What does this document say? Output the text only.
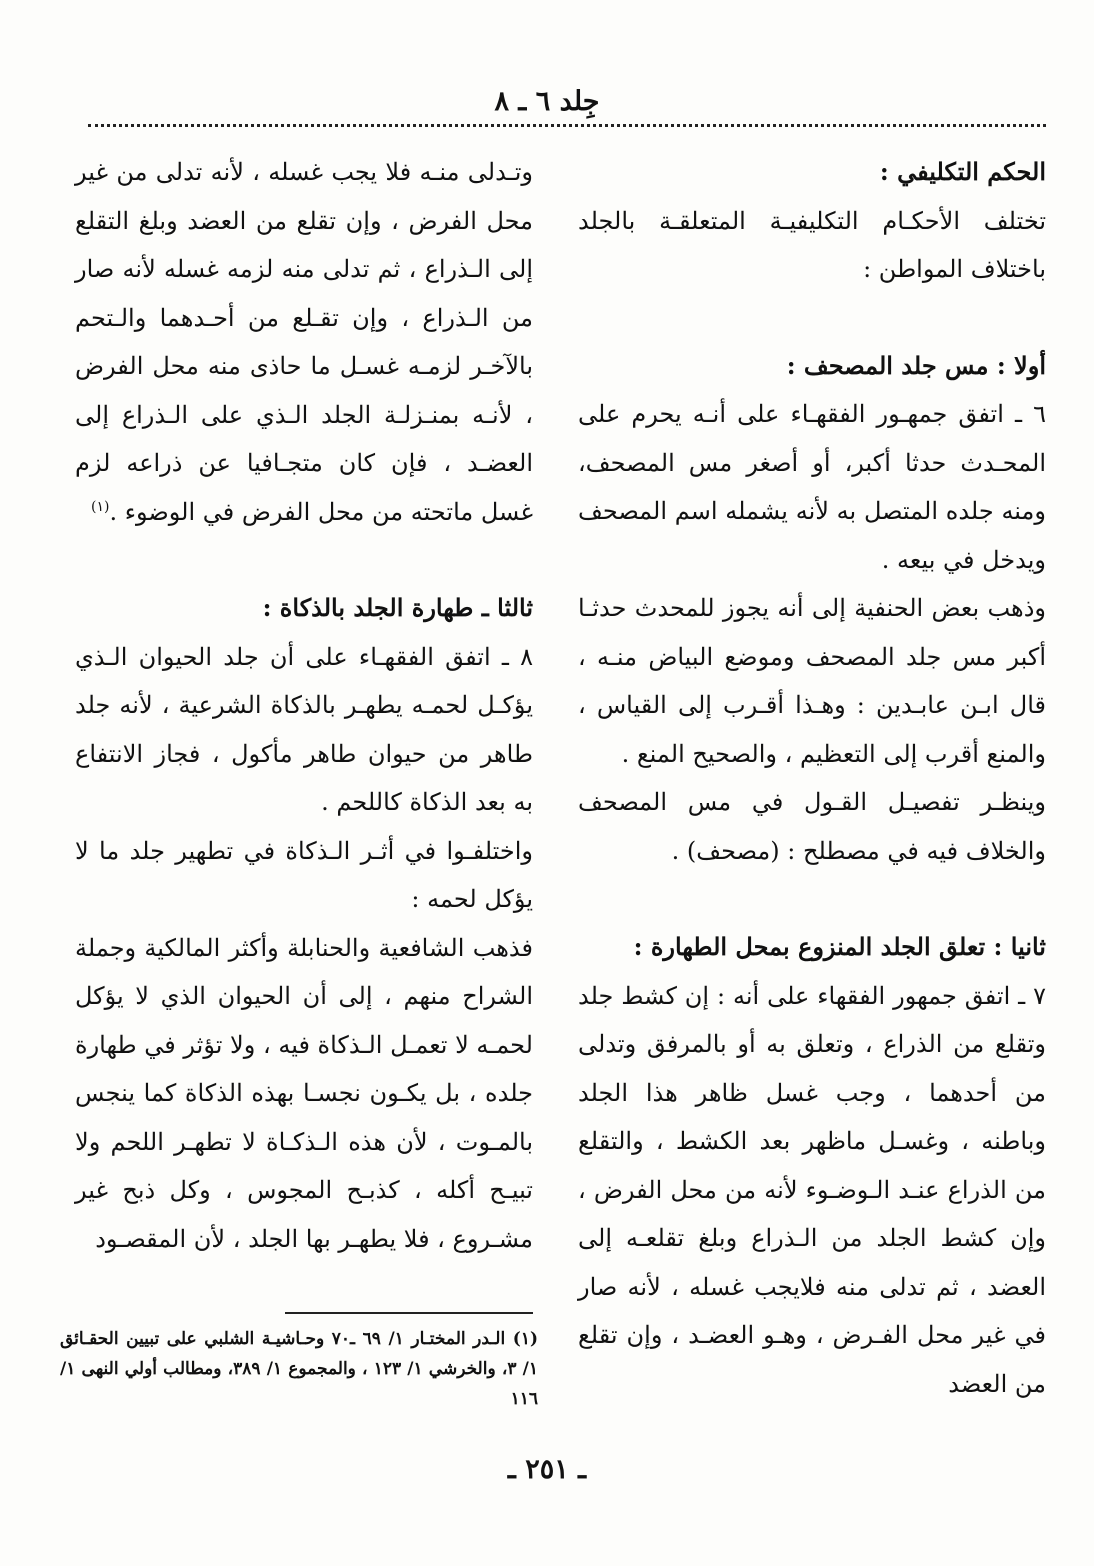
جِلد ٦ ـ ٨

الحكم التكليفي :

تختلف الأحكـام التكليفيـة المتعلقـة بالجلد باختلاف المواطن :

أولا : مس جلد المصحف :

٦ ـ اتفق جمهـور الفقهـاء على أنـه يحرم على المحـدث حدثا أكبر، أو أصغر مس المصحف، ومنه جلده المتصل به لأنه يشمله اسم المصحف ويدخل في بيعه .

وذهب بعض الحنفية إلى أنه يجوز للمحدث حدثـا أكبر مس جلد المصحف وموضع البياض منـه ، قال ابـن عابـدين : وهـذا أقـرب إلى القياس ، والمنع أقرب إلى التعظيم ، والصحيح المنع .

وينظـر تفصيـل القـول في مس المصحف والخلاف فيه في مصطلح : (مصحف) .

ثانيا : تعلق الجلد المنزوع بمحل الطهارة :

٧ ـ اتفق جمهور الفقهاء على أنه : إن كشط جلد وتقلع من الذراع ، وتعلق به أو بالمرفق وتدلى من أحدهما ، وجب غسل ظاهر هذا الجلد وباطنه ، وغسـل ماظهر بعد الكشط ، والتقلع من الذراع عنـد الـوضـوء لأنه من محل الفرض ، وإن كشط الجلد من الـذراع وبلغ تقلعـه إلى العضد ، ثم تدلى منه فلايجب غسله ، لأنه صار في غير محل الفـرض ، وهـو العضـد ، وإن تقلع من العضد

وتـدلى منـه فلا يجب غسله ، لأنه تدلى من غير محل الفرض ، وإن تقلع من العضد وبلغ التقلع إلى الـذراع ، ثم تدلى منه لزمه غسله لأنه صار من الـذراع ، وإن تقـلع من أحـدهما والـتحم بالآخـر لزمـه غسـل ما حاذى منه محل الفرض ، لأنـه بمنـزلـة الجلد الـذي على الـذراع إلى العضـد ، فإن كان متجـافيا عن ذراعه لزم غسل ماتحته من محل الفرض في الوضوء .$^{(١)}$

ثالثا ـ طهارة الجلد بالذكاة :

٨ ـ اتفق الفقهـاء على أن جلد الحيوان الـذي يؤكـل لحمـه يطهـر بالذكاة الشرعية ، لأنه جلد طاهر من حيوان طاهر مأكول ، فجاز الانتفاع به بعد الذكاة كاللحم .

واختلفـوا في أثـر الـذكاة في تطهير جلد ما لا يؤكل لحمه :

فذهب الشافعية والحنابلة وأكثر المالكية وجملة الشراح منهم ، إلى أن الحيوان الذي لا يؤكل لحمـه لا تعمـل الـذكاة فيه ، ولا تؤثر في طهارة جلده ، بل يكـون نجسـا بهذه الذكاة كما ينجس بالمـوت ، لأن هذه الـذكـاة لا تطهـر اللحم ولا تبيـح أكله ، كذبـح المجوس ، وكل ذبح غير مشـروع ، فلا يطهـر بها الجلد ، لأن المقصـود

(١) الـدر المختـار ١/ ٦٩ ـ٧٠ وحـاشيـة الشلبي على تبيين الحقـائق ١/ ٣، والخرشي ١/ ١٢٣ ، والمجموع ١/ ٣٨٩، ومطالب أولي النهى ١/ ١١٦

ـ ٢٥١ ـ
